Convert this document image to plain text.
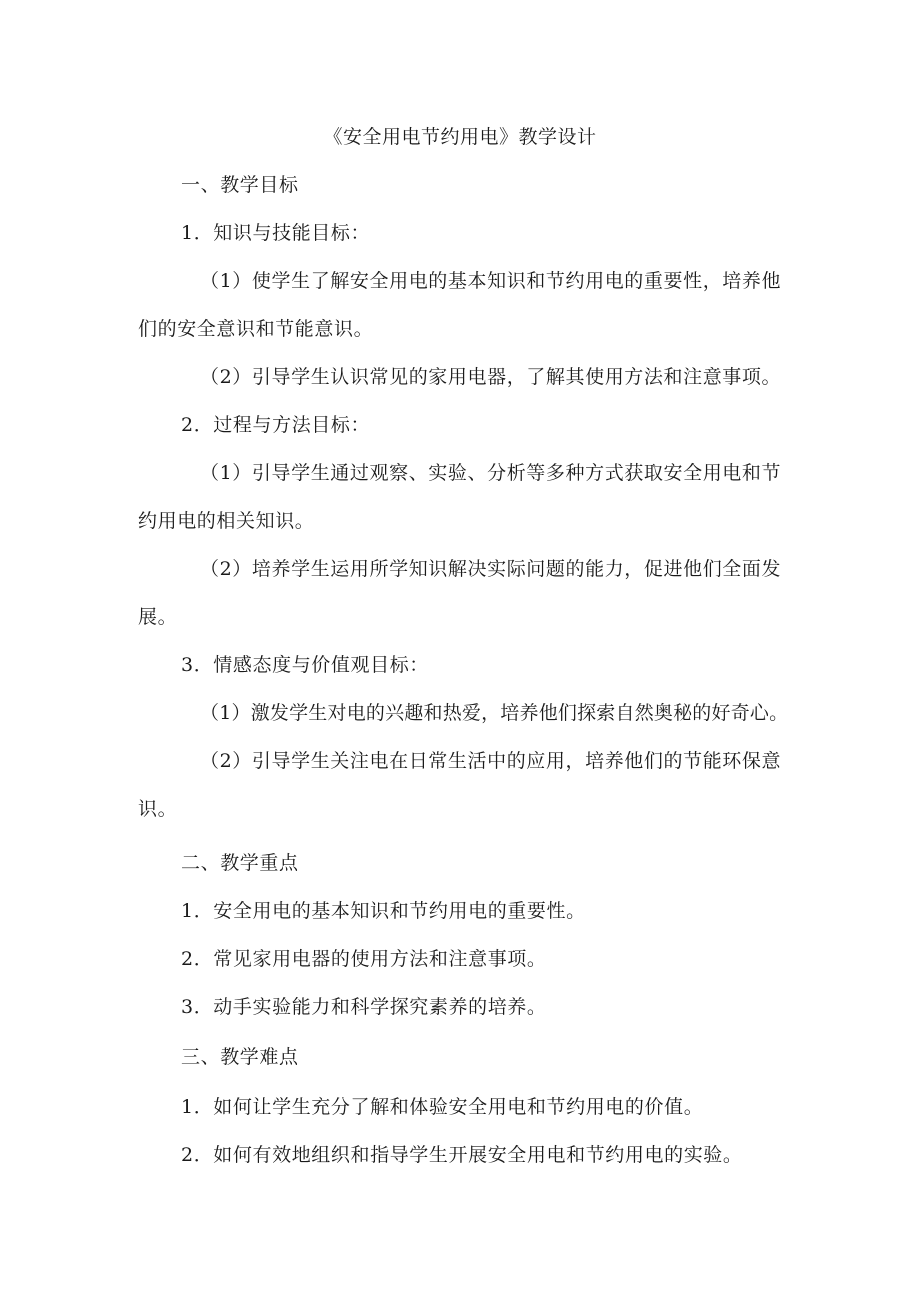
《安全用电节约用电》教学设计
一、教学目标
1．知识与技能目标：
（1）使学生了解安全用电的基本知识和节约用电的重要性，培养他
们的安全意识和节能意识。
（2）引导学生认识常见的家用电器，了解其使用方法和注意事项。
2．过程与方法目标：
（1）引导学生通过观察、实验、分析等多种方式获取安全用电和节
约用电的相关知识。
（2）培养学生运用所学知识解决实际问题的能力，促进他们全面发
展。
3．情感态度与价值观目标：
（1）激发学生对电的兴趣和热爱，培养他们探索自然奥秘的好奇心。
（2）引导学生关注电在日常生活中的应用，培养他们的节能环保意
识。
二、教学重点
1．安全用电的基本知识和节约用电的重要性。
2．常见家用电器的使用方法和注意事项。
3．动手实验能力和科学探究素养的培养。
三、教学难点
1．如何让学生充分了解和体验安全用电和节约用电的价值。
2．如何有效地组织和指导学生开展安全用电和节约用电的实验。
